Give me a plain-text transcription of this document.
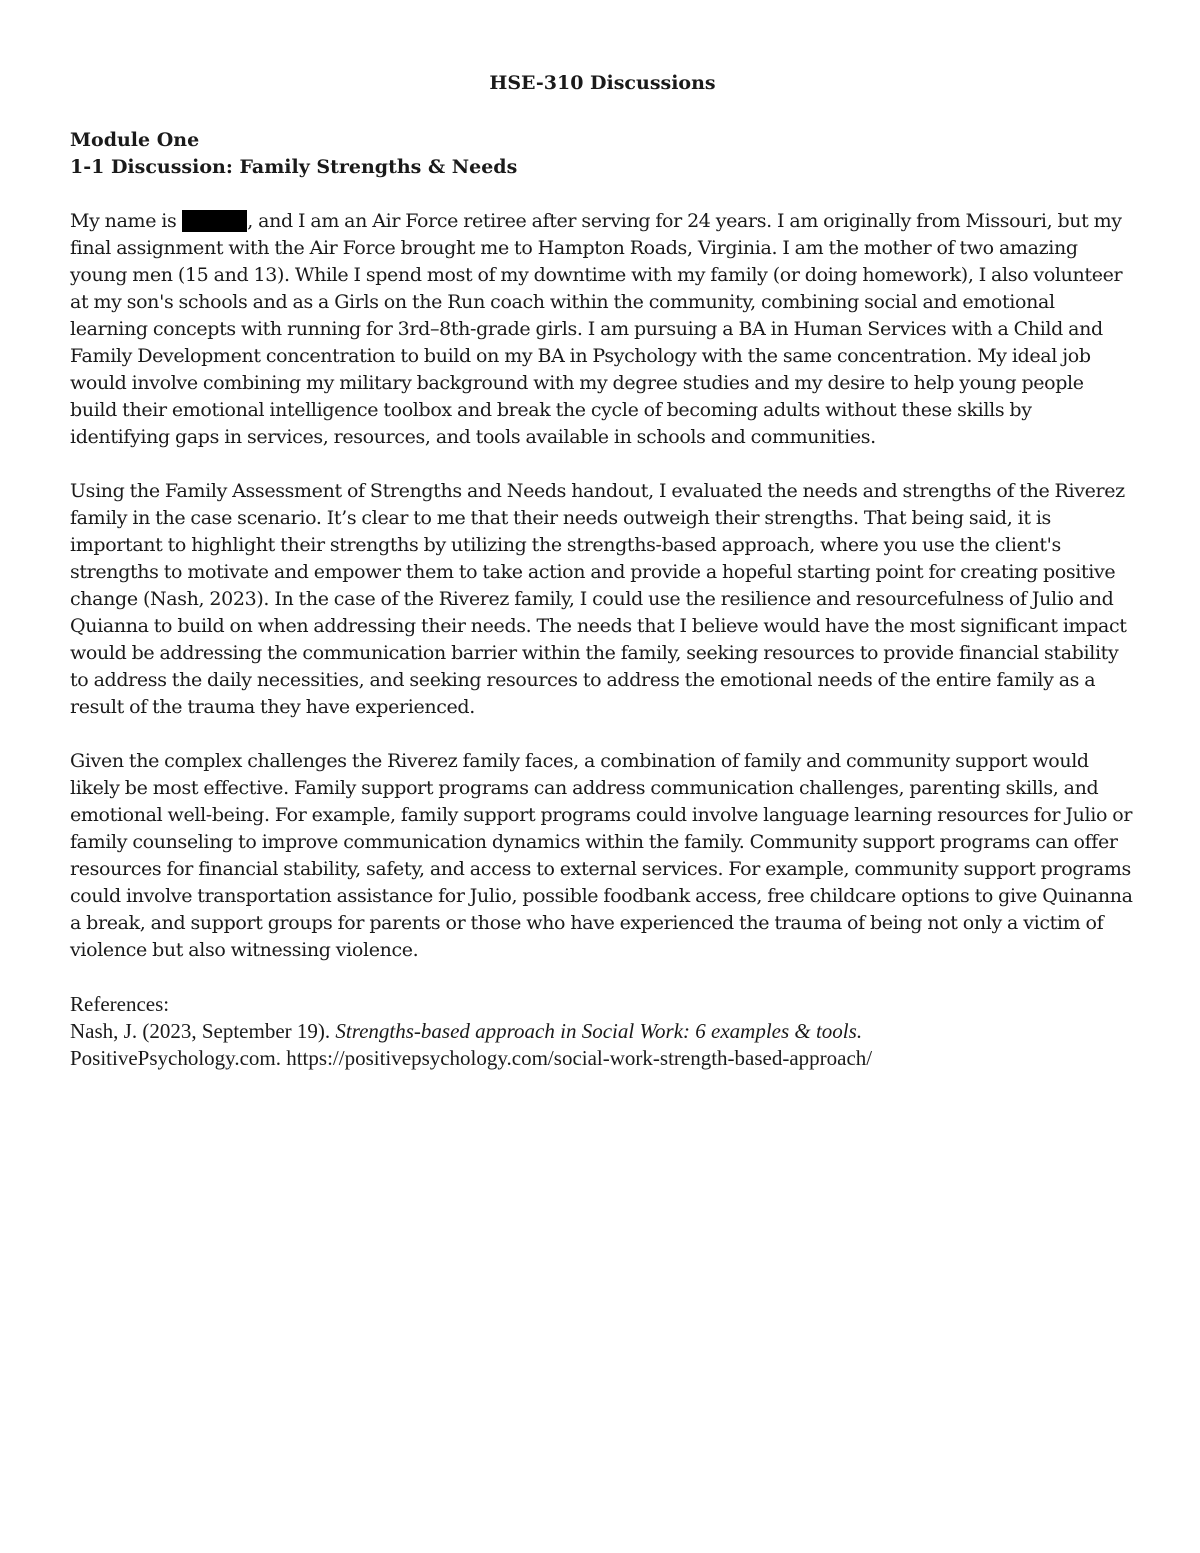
HSE-310 Discussions
Module One
1-1 Discussion: Family Strengths & Needs

My name is Kristie , and I am an Air Force retiree after serving for 24 years. I am originally from Missouri, but my final assignment with the Air Force brought me to Hampton Roads, Virginia. I am the mother of two amazing young men (15 and 13). While I spend most of my downtime with my family (or doing homework), I also volunteer at my son's schools and as a Girls on the Run coach within the community, combining social and emotional learning concepts with running for 3rd–8th-grade girls. I am pursuing a BA in Human Services with a Child and Family Development concentration to build on my BA in Psychology with the same concentration. My ideal job would involve combining my military background with my degree studies and my desire to help young people build their emotional intelligence toolbox and break the cycle of becoming adults without these skills by identifying gaps in services, resources, and tools available in schools and communities.

Using the Family Assessment of Strengths and Needs handout, I evaluated the needs and strengths of the Riverez family in the case scenario. It’s clear to me that their needs outweigh their strengths. That being said, it is important to highlight their strengths by utilizing the strengths-based approach, where you use the client's strengths to motivate and empower them to take action and provide a hopeful starting point for creating positive change (Nash, 2023). In the case of the Riverez family, I could use the resilience and resourcefulness of Julio and Quianna to build on when addressing their needs. The needs that I believe would have the most significant impact would be addressing the communication barrier within the family, seeking resources to provide financial stability to address the daily necessities, and seeking resources to address the emotional needs of the entire family as a result of the trauma they have experienced.

Given the complex challenges the Riverez family faces, a combination of family and community support would likely be most effective. Family support programs can address communication challenges, parenting skills, and emotional well-being. For example, family support programs could involve language learning resources for Julio or family counseling to improve communication dynamics within the family. Community support programs can offer resources for financial stability, safety, and access to external services. For example, community support programs could involve transportation assistance for Julio, possible foodbank access, free childcare options to give Quinanna a break, and support groups for parents or those who have experienced the trauma of being not only a victim of violence but also witnessing violence.

References:

Nash, J. (2023, September 19). Strengths-based approach in Social Work: 6 examples & tools.

PositivePsychology.com. https://positivepsychology.com/social-work-strength-based-approach/
